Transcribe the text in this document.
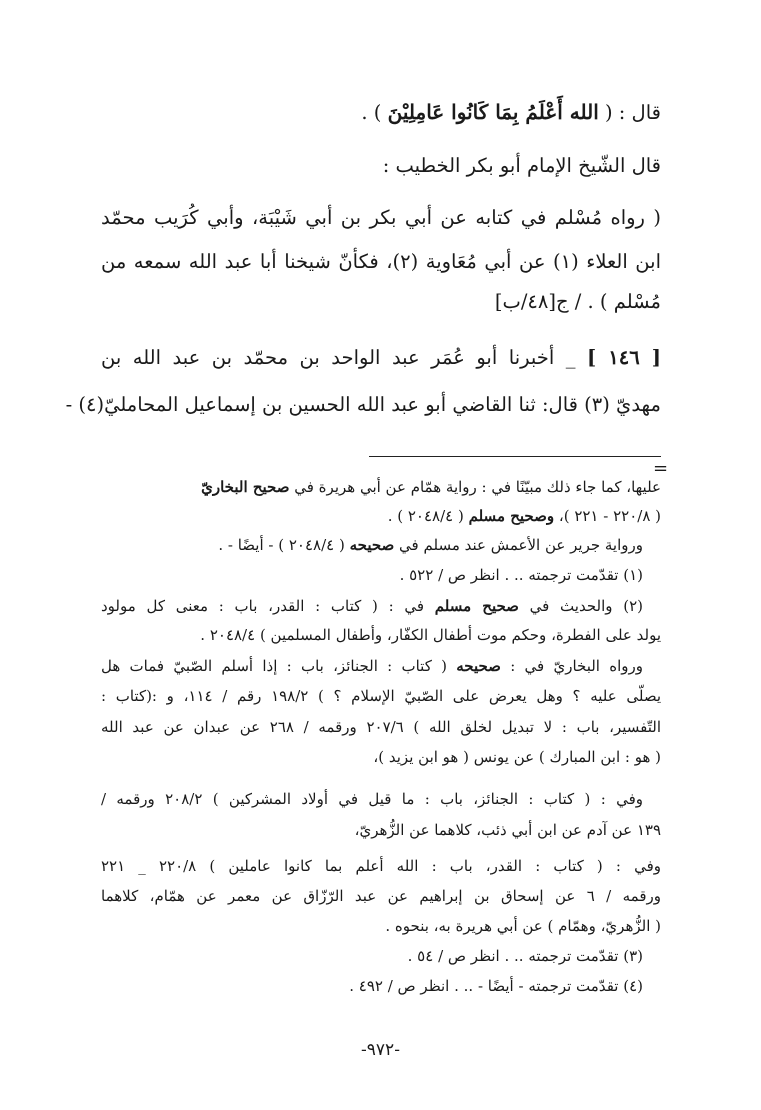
قال : ( الله أَعْلَمُ بِمَا كَانُوا عَامِلِيْنَ ) .
قال الشّيخ الإمام أبو بكر الخطيب :
( رواه مُسْلم في كتابه عن أبي بكر بن أبي شَيْبَة، وأبي كُرَيب محمّد
ابن العلاء (١) عن أبي مُعَاوية (٢)، فكأنّ شيخنا أبا عبد الله سمعه من
مُسْلم ) . / ج[٤٨/ب]
[ ١٤٦ ] _ أخبرنا أبو عُمَر عبد الواحد بن محمّد بن عبد الله بن
مهديّ (٣) قال: ثنا القاضي أبو عبد الله الحسين بن إسماعيل المحامليّ(٤) -
=
عليها، كما جاء ذلك مبيّنًا في : رواية همّام عن أبي هريرة في صحيح البخاريّ
( ٢٢٠/٨ - ٢٢١ )، وصحيح مسلم ( ٢٠٤٨/٤ ) .
ورواية جرير عن الأعمش عند مسلم في صحيحه ( ٢٠٤٨/٤ ) - أيضًا - .
(١) تقدّمت ترجمته .. . انظر ص / ٥٢٢ .
(٢) والحديث في صحيح مسلم في : ( كتاب : القدر، باب : معنى كل مولود
يولد على الفطرة، وحكم موت أطفال الكفّار، وأطفال المسلمين ) ٢٠٤٨/٤ .
ورواه البخاريّ في : صحيحه ( كتاب : الجنائز، باب : إذا أسلم الصّبيّ فمات هل
يصلّى عليه ؟ وهل يعرض على الصّبيّ الإسلام ؟ ) ١٩٨/٢ رقم / ١١٤، و :(كتاب :
التّفسير، باب : لا تبديل لخلق الله ) ٢٠٧/٦ ورقمه / ٢٦٨ عن عبدان عن عبد الله
( هو : ابن المبارك ) عن يونس ( هو ابن يزيد )،
وفي : ( كتاب : الجنائز، باب : ما قيل في أولاد المشركين ) ٢٠٨/٢ ورقمه /
١٣٩ عن آدم عن ابن أبي ذئب، كلاهما عن الزُّهريّ،
وفي : ( كتاب : القدر، باب : الله أعلم بما كانوا عاملين ) ٢٢٠/٨ _ ٢٢١
ورقمه / ٦ عن إسحاق بن إبراهيم عن عبد الرّزّاق عن معمر عن همّام، كلاهما
( الزُّهريّ، وهمّام ) عن أبي هريرة به، بنحوه .
(٣) تقدّمت ترجمته .. . انظر ص / ٥٤ .
(٤) تقدّمت ترجمته - أيضًا - .. . انظر ص / ٤٩٢ .
-٩٧٢-
